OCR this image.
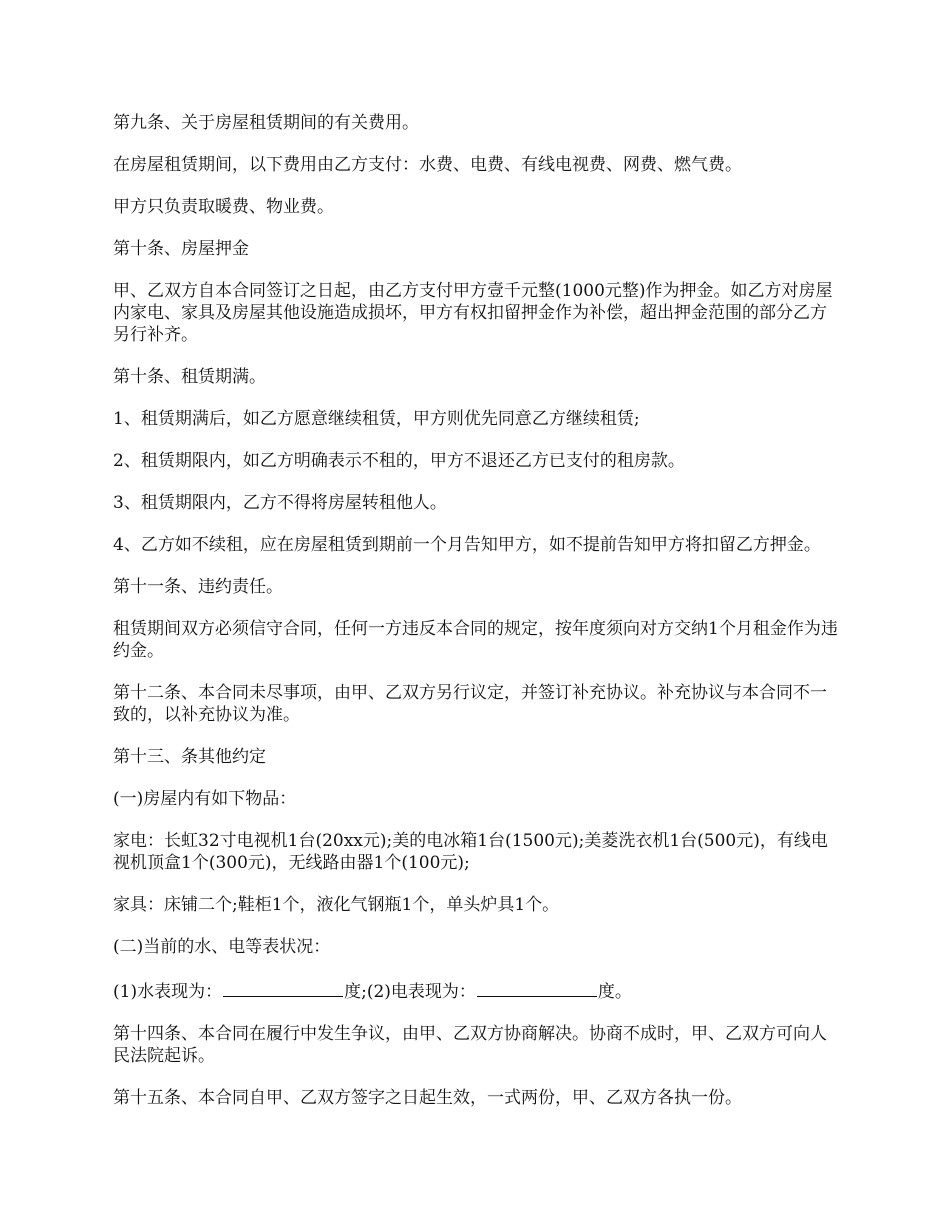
第九条、关于房屋租赁期间的有关费用。

在房屋租赁期间，以下费用由乙方支付：水费、电费、有线电视费、网费、燃气费。

甲方只负责取暖费、物业费。

第十条、房屋押金

甲、乙双方自本合同签订之日起，由乙方支付甲方壹千元整(1000元整)作为押金。如乙方对房屋内家电、家具及房屋其他设施造成损坏，甲方有权扣留押金作为补偿，超出押金范围的部分乙方另行补齐。

第十条、租赁期满。

1、租赁期满后，如乙方愿意继续租赁，甲方则优先同意乙方继续租赁;

2、租赁期限内，如乙方明确表示不租的，甲方不退还乙方已支付的租房款。

3、租赁期限内，乙方不得将房屋转租他人。

4、乙方如不续租，应在房屋租赁到期前一个月告知甲方，如不提前告知甲方将扣留乙方押金。

第十一条、违约责任。

租赁期间双方必须信守合同，任何一方违反本合同的规定，按年度须向对方交纳1个月租金作为违约金。

第十二条、本合同未尽事项，由甲、乙双方另行议定，并签订补充协议。补充协议与本合同不一致的，以补充协议为准。

第十三、条其他约定

(一)房屋内有如下物品：

家电：长虹32寸电视机1台(20xx元);美的电冰箱1台(1500元);美菱洗衣机1台(500元)，有线电视机顶盒1个(300元)，无线路由器1个(100元);

家具：床铺二个;鞋柜1个，液化气钢瓶1个，单头炉具1个。

(二)当前的水、电等表状况：

(1)水表现为：	度;(2)电表现为：	度。

第十四条、本合同在履行中发生争议，由甲、乙双方协商解决。协商不成时，甲、乙双方可向人民法院起诉。

第十五条、本合同自甲、乙双方签字之日起生效，一式两份，甲、乙双方各执一份。
